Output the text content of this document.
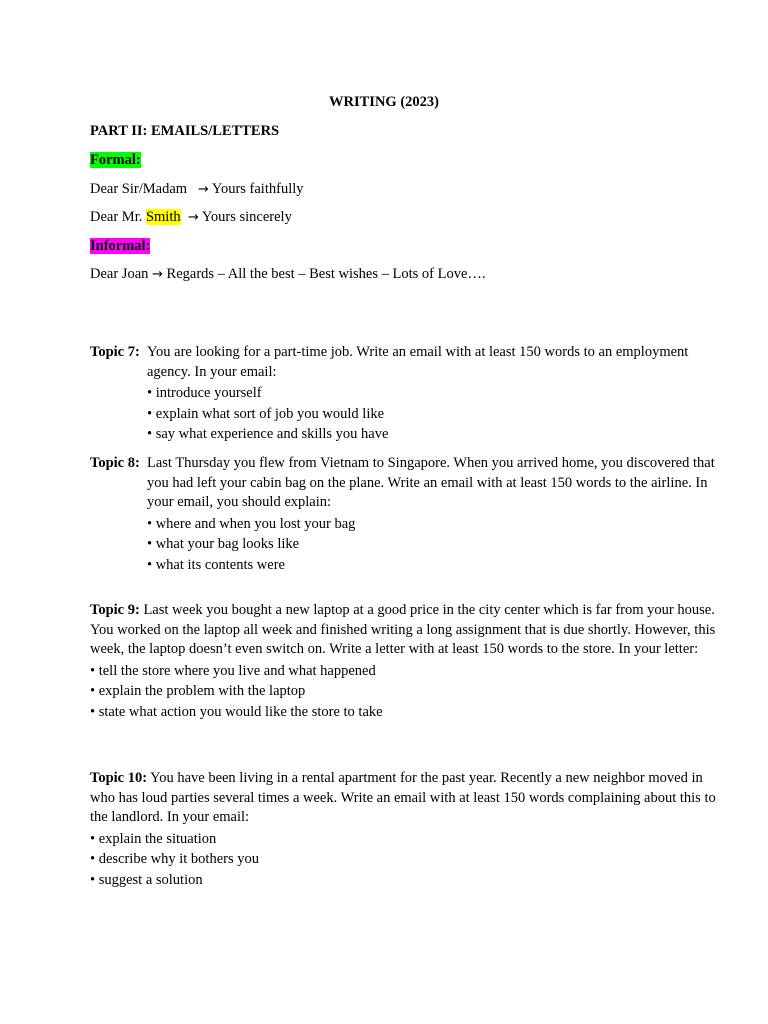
WRITING (2023)
PART II: EMAILS/LETTERS
Formal:
Dear Sir/Madam → Yours faithfully
Dear Mr. Smith → Yours sincerely
Informal:
Dear Joan → Regards – All the best – Best wishes – Lots of Love….
Topic 7: You are looking for a part-time job. Write an email with at least 150 words to an employment agency. In your email:

• introduce yourself
• explain what sort of job you would like
• say what experience and skills you have
Topic 8: Last Thursday you flew from Vietnam to Singapore. When you arrived home, you discovered that you had left your cabin bag on the plane. Write an email with at least 150 words to the airline. In your email, you should explain:

• where and when you lost your bag
• what your bag looks like
• what its contents were

Topic 9: Last week you bought a new laptop at a good price in the city center which is far from your house. You worked on the laptop all week and finished writing a long assignment that is due shortly. However, this week, the laptop doesn’t even switch on. Write a letter with at least 150 words to the store. In your letter:

• tell the store where you live and what happened
• explain the problem with the laptop
• state what action you would like the store to take

Topic 10: You have been living in a rental apartment for the past year. Recently a new neighbor moved in who has loud parties several times a week. Write an email with at least 150 words complaining about this to the landlord. In your email:

• explain the situation
• describe why it bothers you
• suggest a solution
